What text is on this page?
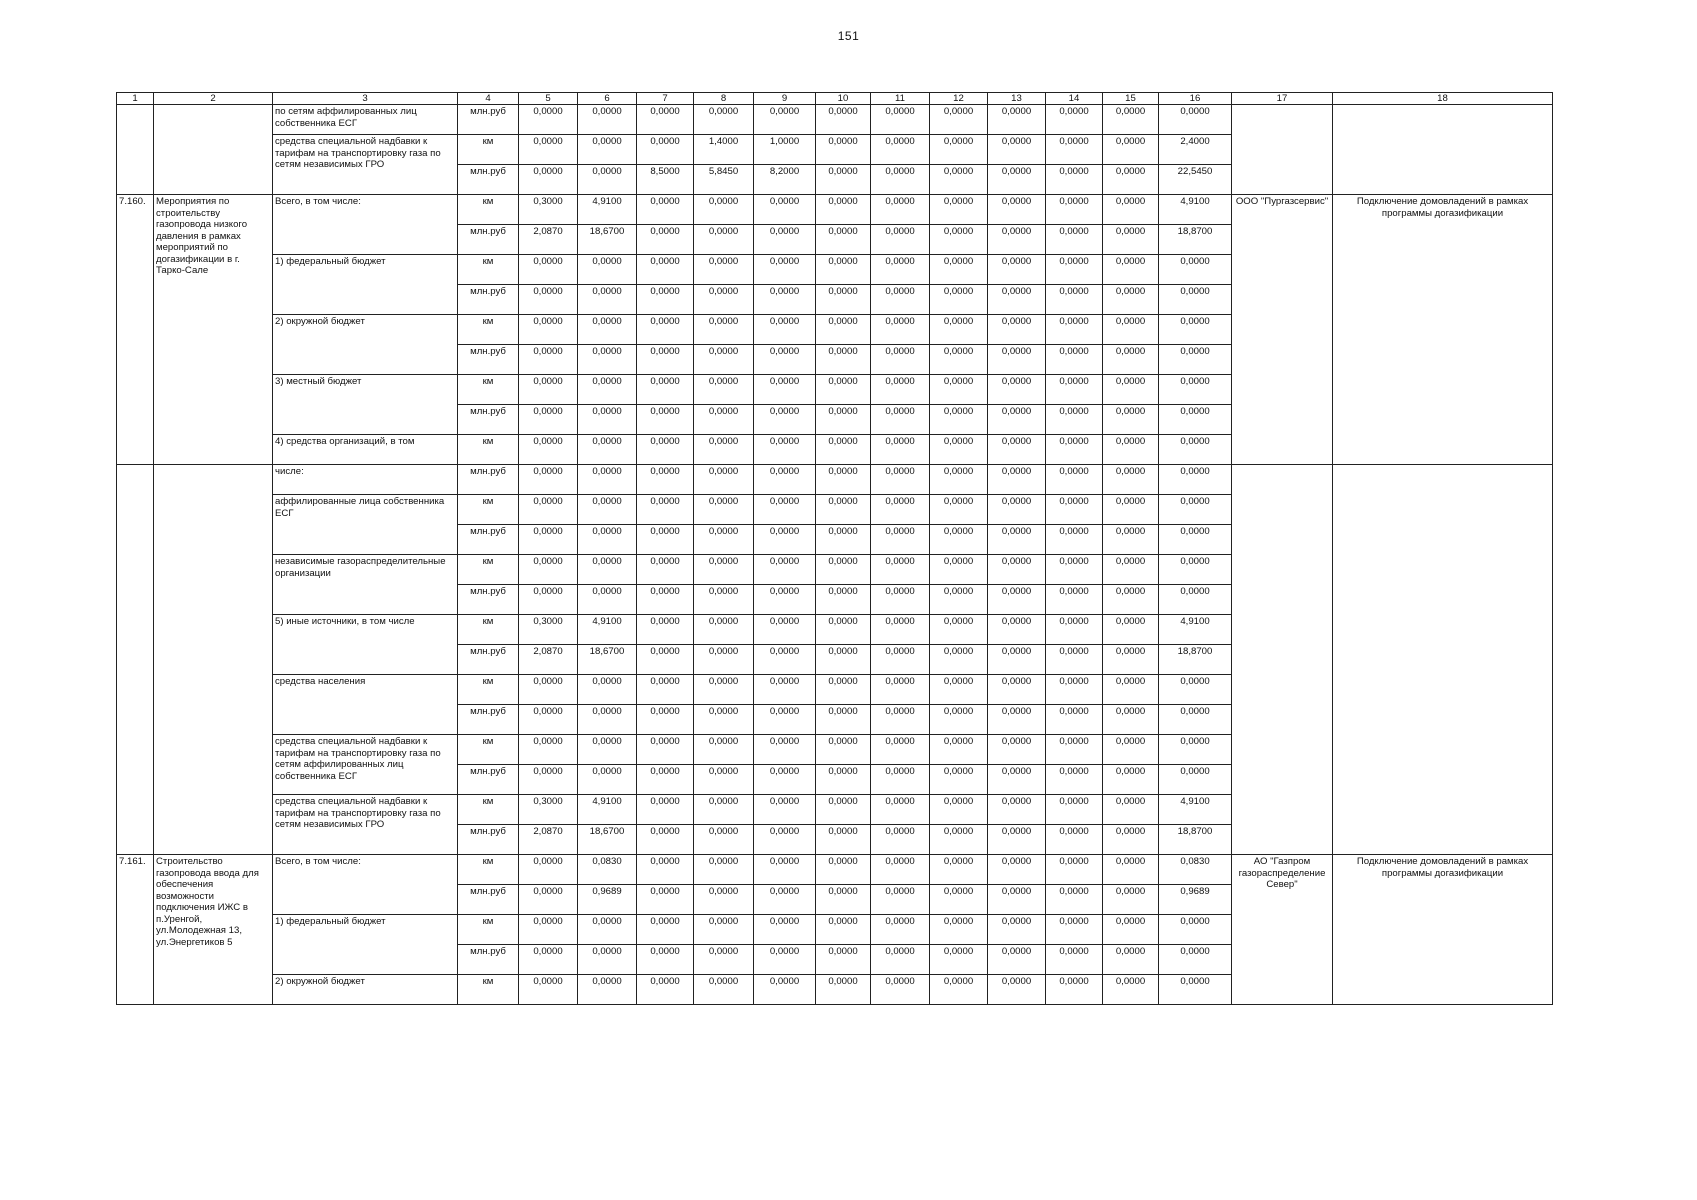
151
1	2	3	4	5	6	7	8	9	10	11	12	13	14	15	16	17	18
		по сетям аффилированных лиц собственника ЕСГ	млн.руб	0,0000	0,0000	0,0000	0,0000	0,0000	0,0000	0,0000	0,0000	0,0000	0,0000	0,0000	0,0000		
		средства специальной надбавки к тарифам на транспортировку газа по сетям независимых ГРО	км	0,0000	0,0000	0,0000	1,4000	1,0000	0,0000	0,0000	0,0000	0,0000	0,0000	0,0000	2,4000		
			млн.руб	0,0000	0,0000	8,5000	5,8450	8,2000	0,0000	0,0000	0,0000	0,0000	0,0000	0,0000	22,5450		
7.160.	Мероприятия по строительству газопровода низкого давления в рамках мероприятий по догазификации в г. Тарко-Сале	Всего, в том числе:	км	0,3000	4,9100	0,0000	0,0000	0,0000	0,0000	0,0000	0,0000	0,0000	0,0000	0,0000	4,9100	ООО "Пургазсервис"	Подключение домовладений в рамках программы догазификации
			млн.руб	2,0870	18,6700	0,0000	0,0000	0,0000	0,0000	0,0000	0,0000	0,0000	0,0000	0,0000	18,8700		
		1) федеральный бюджет	км	0,0000	0,0000	0,0000	0,0000	0,0000	0,0000	0,0000	0,0000	0,0000	0,0000	0,0000	0,0000		
			млн.руб	0,0000	0,0000	0,0000	0,0000	0,0000	0,0000	0,0000	0,0000	0,0000	0,0000	0,0000	0,0000		
		2) окружной бюджет	км	0,0000	0,0000	0,0000	0,0000	0,0000	0,0000	0,0000	0,0000	0,0000	0,0000	0,0000	0,0000		
			млн.руб	0,0000	0,0000	0,0000	0,0000	0,0000	0,0000	0,0000	0,0000	0,0000	0,0000	0,0000	0,0000		
		3) местный бюджет	км	0,0000	0,0000	0,0000	0,0000	0,0000	0,0000	0,0000	0,0000	0,0000	0,0000	0,0000	0,0000		
			млн.руб	0,0000	0,0000	0,0000	0,0000	0,0000	0,0000	0,0000	0,0000	0,0000	0,0000	0,0000	0,0000		
		4) средства организаций, в том	км	0,0000	0,0000	0,0000	0,0000	0,0000	0,0000	0,0000	0,0000	0,0000	0,0000	0,0000	0,0000		
		числе:	млн.руб	0,0000	0,0000	0,0000	0,0000	0,0000	0,0000	0,0000	0,0000	0,0000	0,0000	0,0000	0,0000		
		аффилированные лица собственника ЕСГ	км	0,0000	0,0000	0,0000	0,0000	0,0000	0,0000	0,0000	0,0000	0,0000	0,0000	0,0000	0,0000		
			млн.руб	0,0000	0,0000	0,0000	0,0000	0,0000	0,0000	0,0000	0,0000	0,0000	0,0000	0,0000	0,0000		
		независимые газораспределительные организации	км	0,0000	0,0000	0,0000	0,0000	0,0000	0,0000	0,0000	0,0000	0,0000	0,0000	0,0000	0,0000		
			млн.руб	0,0000	0,0000	0,0000	0,0000	0,0000	0,0000	0,0000	0,0000	0,0000	0,0000	0,0000	0,0000		
		5) иные источники, в том числе	км	0,3000	4,9100	0,0000	0,0000	0,0000	0,0000	0,0000	0,0000	0,0000	0,0000	0,0000	4,9100		
			млн.руб	2,0870	18,6700	0,0000	0,0000	0,0000	0,0000	0,0000	0,0000	0,0000	0,0000	0,0000	18,8700		
		средства населения	км	0,0000	0,0000	0,0000	0,0000	0,0000	0,0000	0,0000	0,0000	0,0000	0,0000	0,0000	0,0000		
			млн.руб	0,0000	0,0000	0,0000	0,0000	0,0000	0,0000	0,0000	0,0000	0,0000	0,0000	0,0000	0,0000		
		средства специальной надбавки к тарифам на транспортировку газа по сетям аффилированных лиц собственника ЕСГ	км	0,0000	0,0000	0,0000	0,0000	0,0000	0,0000	0,0000	0,0000	0,0000	0,0000	0,0000	0,0000		
			млн.руб	0,0000	0,0000	0,0000	0,0000	0,0000	0,0000	0,0000	0,0000	0,0000	0,0000	0,0000	0,0000		
		средства специальной надбавки к тарифам на транспортировку газа по сетям независимых ГРО	км	0,3000	4,9100	0,0000	0,0000	0,0000	0,0000	0,0000	0,0000	0,0000	0,0000	0,0000	4,9100		
			млн.руб	2,0870	18,6700	0,0000	0,0000	0,0000	0,0000	0,0000	0,0000	0,0000	0,0000	0,0000	18,8700		
7.161.	Строительство газопровода ввода для обеспечения возможности подключения ИЖС в п.Уренгой, ул.Молодежная 13, ул.Энергетиков 5	Всего, в том числе:	км	0,0000	0,0830	0,0000	0,0000	0,0000	0,0000	0,0000	0,0000	0,0000	0,0000	0,0000	0,0830	АО "Газпром газораспределение Север"	Подключение домовладений в рамках программы догазификации
			млн.руб	0,0000	0,9689	0,0000	0,0000	0,0000	0,0000	0,0000	0,0000	0,0000	0,0000	0,0000	0,9689		
		1) федеральный бюджет	км	0,0000	0,0000	0,0000	0,0000	0,0000	0,0000	0,0000	0,0000	0,0000	0,0000	0,0000	0,0000		
			млн.руб	0,0000	0,0000	0,0000	0,0000	0,0000	0,0000	0,0000	0,0000	0,0000	0,0000	0,0000	0,0000		
		2) окружной бюджет	км	0,0000	0,0000	0,0000	0,0000	0,0000	0,0000	0,0000	0,0000	0,0000	0,0000	0,0000	0,0000		
